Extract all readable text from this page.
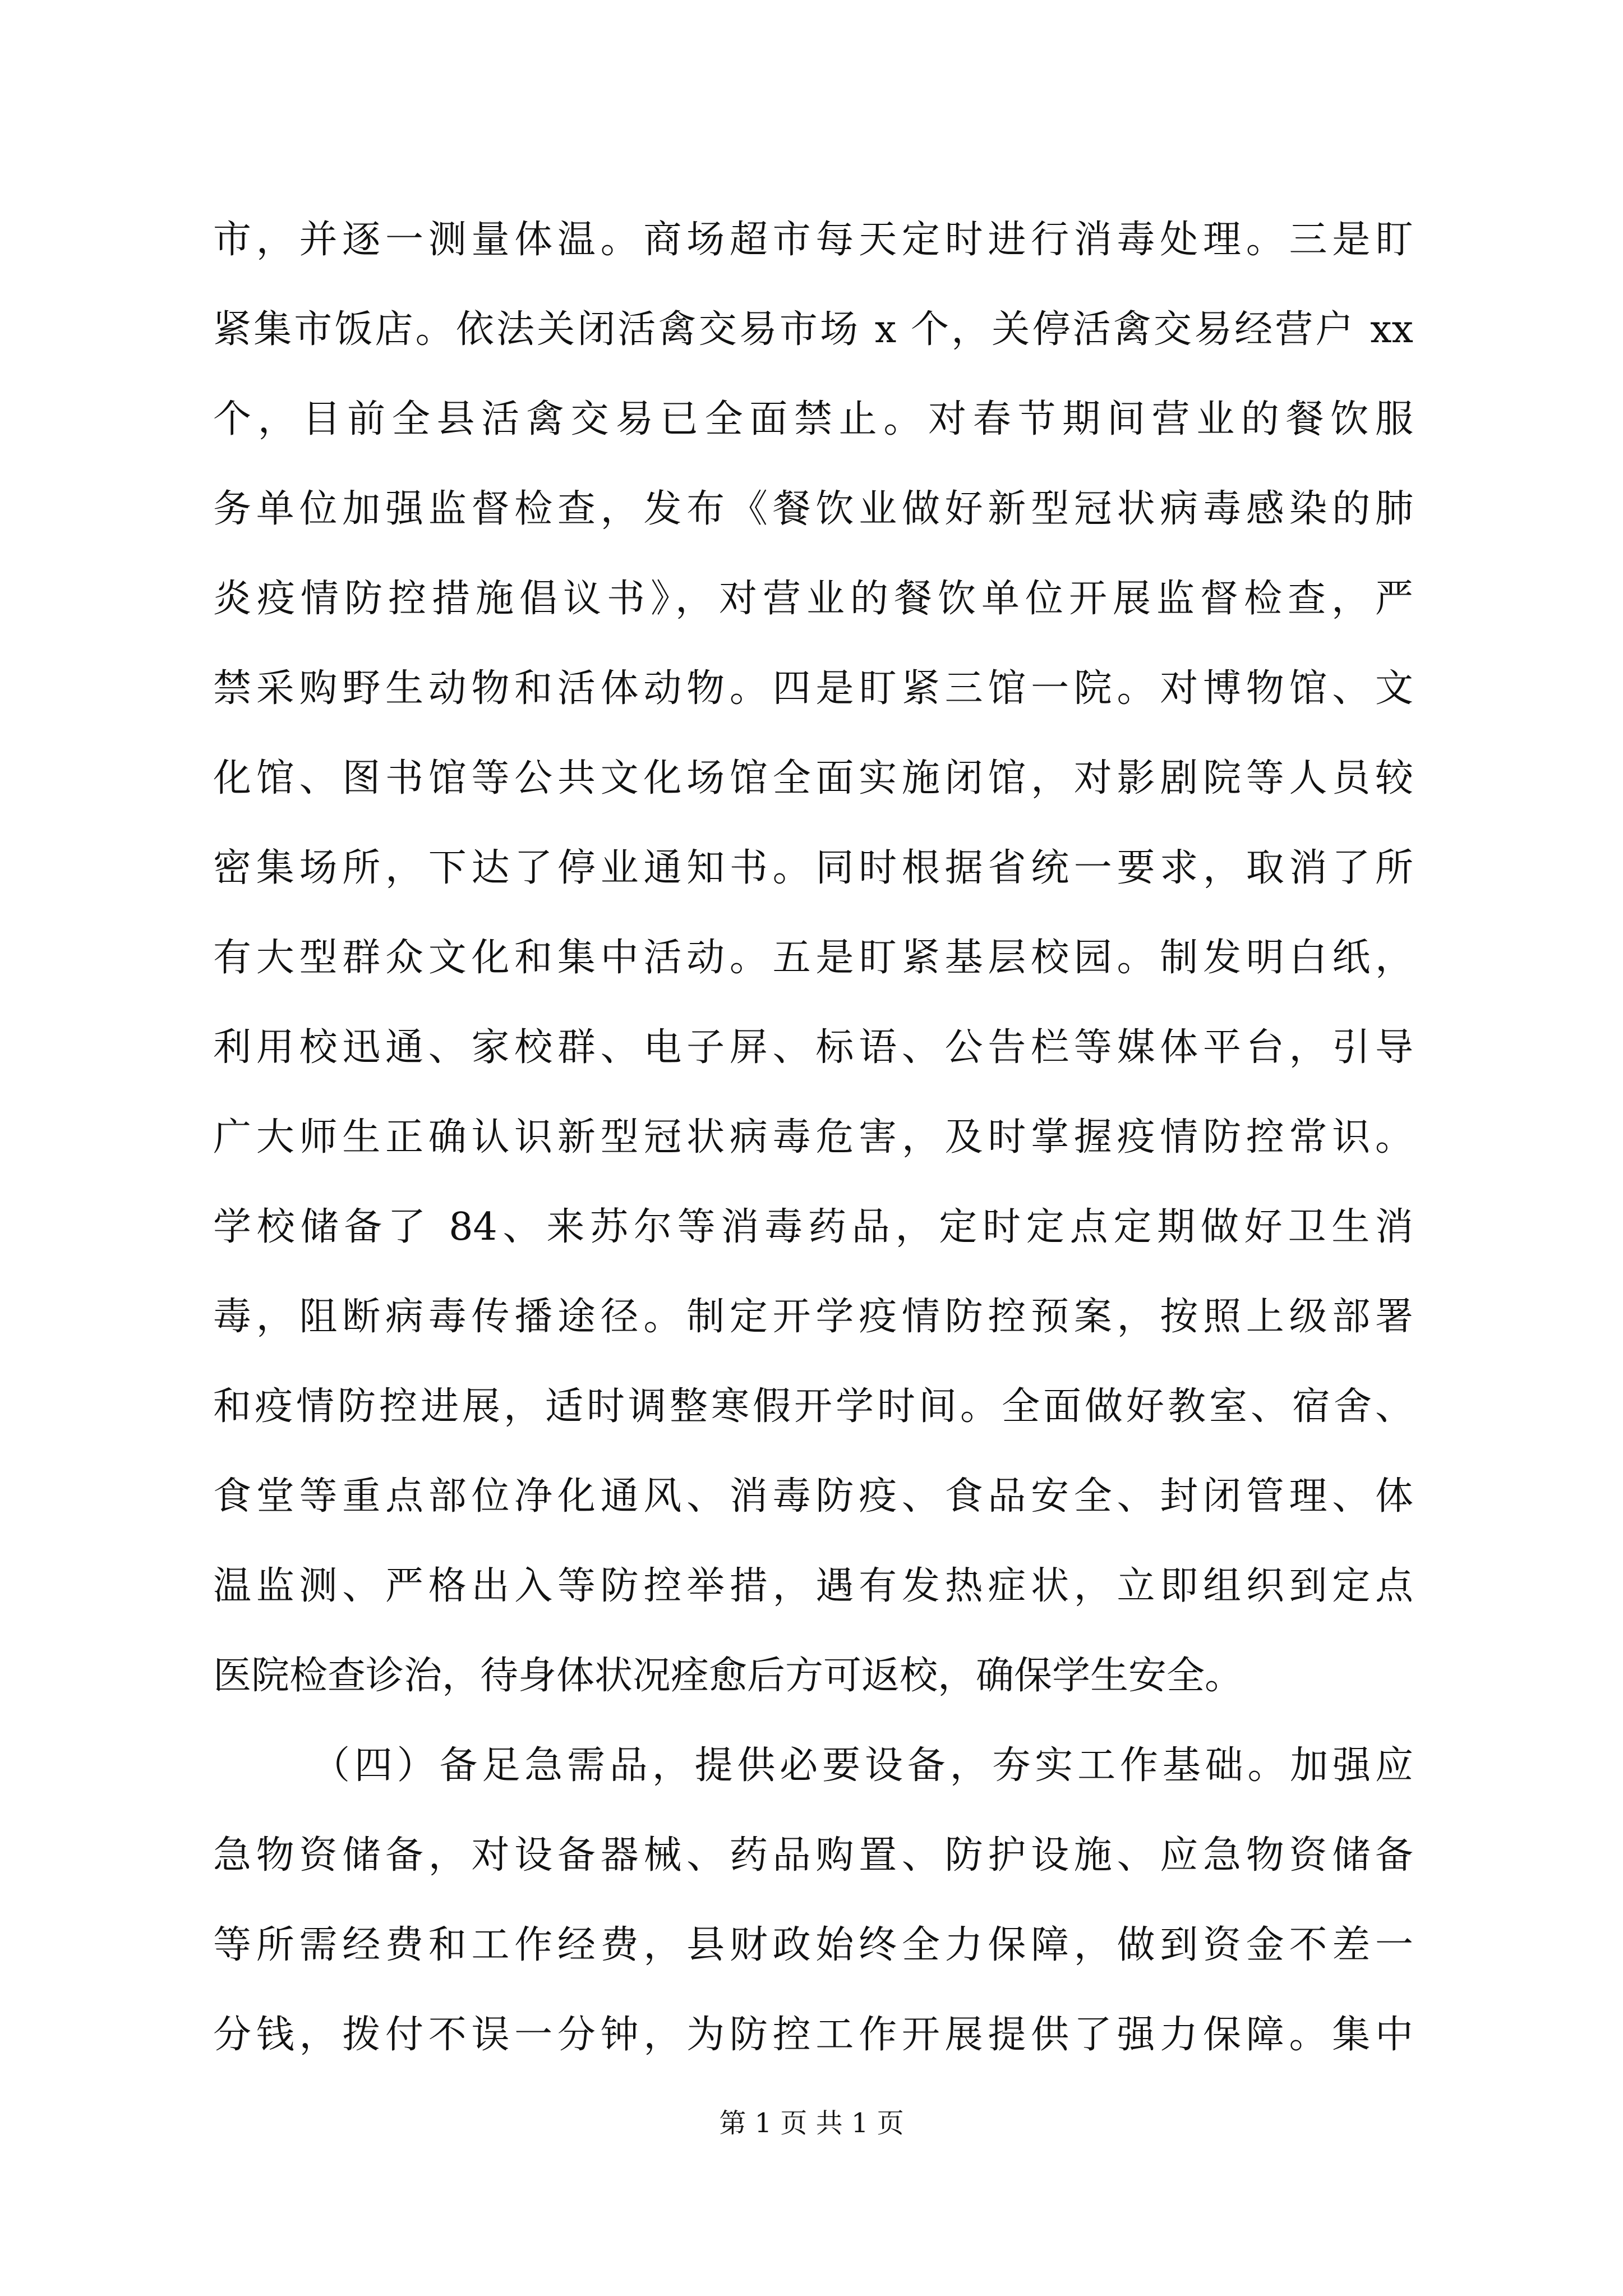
市，并逐一测量体温。商场超市每天定时进行消毒处理。三是盯
紧集市饭店。依法关闭活禽交易市场 x 个，关停活禽交易经营户 xx
个，目前全县活禽交易已全面禁止。对春节期间营业的餐饮服
务单位加强监督检查，发布《餐饮业做好新型冠状病毒感染的肺
炎疫情防控措施倡议书》，对营业的餐饮单位开展监督检查，严
禁采购野生动物和活体动物。四是盯紧三馆一院。对博物馆、文
化馆、图书馆等公共文化场馆全面实施闭馆，对影剧院等人员较
密集场所，下达了停业通知书。同时根据省统一要求，取消了所
有大型群众文化和集中活动。五是盯紧基层校园。制发明白纸，
利用校迅通、家校群、电子屏、标语、公告栏等媒体平台，引导
广大师生正确认识新型冠状病毒危害，及时掌握疫情防控常识。
学校储备了 84、来苏尔等消毒药品，定时定点定期做好卫生消
毒，阻断病毒传播途径。制定开学疫情防控预案，按照上级部署
和疫情防控进展，适时调整寒假开学时间。全面做好教室、宿舍、
食堂等重点部位净化通风、消毒防疫、食品安全、封闭管理、体
温监测、严格出入等防控举措，遇有发热症状，立即组织到定点
医院检查诊治，待身体状况痊愈后方可返校，确保学生安全。
（四）备足急需品，提供必要设备，夯实工作基础。加强应
急物资储备，对设备器械、药品购置、防护设施、应急物资储备
等所需经费和工作经费，县财政始终全力保障，做到资金不差一
分钱，拨付不误一分钟，为防控工作开展提供了强力保障。集中
第 1 页 共 1 页
